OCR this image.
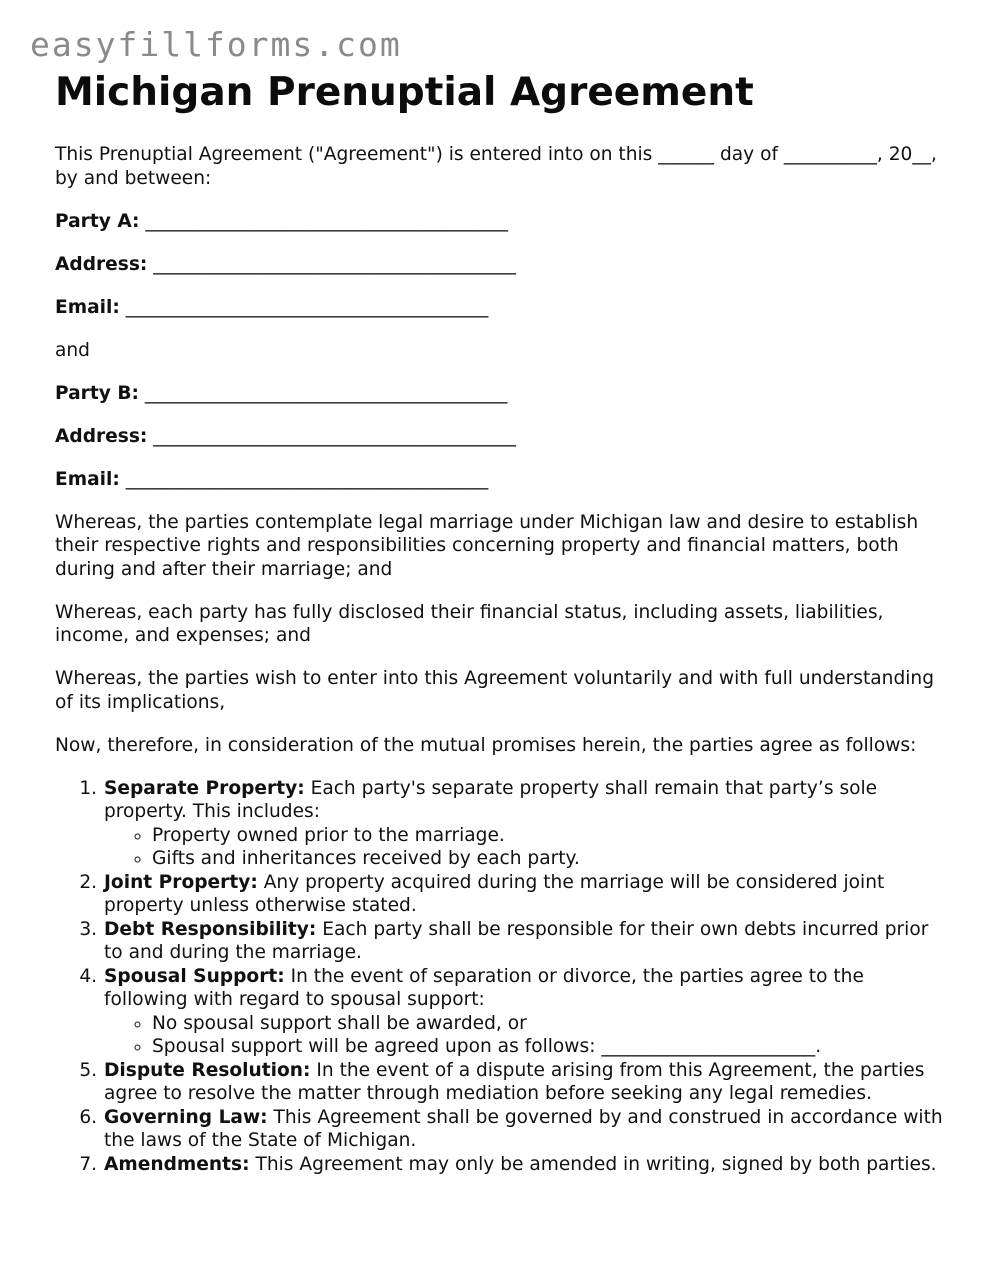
easyfillforms.com
Michigan Prenuptial Agreement

This Prenuptial Agreement ("Agreement") is entered into on this ______ day of __________, 20__, by and between:

Party A: _______________________________________

Address: _______________________________________

Email: _______________________________________

and

Party B: _______________________________________

Address: _______________________________________

Email: _______________________________________

Whereas, the parties contemplate legal marriage under Michigan law and desire to establish their respective rights and responsibilities concerning property and financial matters, both during and after their marriage; and

Whereas, each party has fully disclosed their financial status, including assets, liabilities, income, and expenses; and

Whereas, the parties wish to enter into this Agreement voluntarily and with full understanding of its implications,

Now, therefore, in consideration of the mutual promises herein, the parties agree as follows:

1. Separate Property: Each party's separate property shall remain that party’s sole property. This includes:
◦ Property owned prior to the marriage.
◦ Gifts and inheritances received by each party.
2. Joint Property: Any property acquired during the marriage will be considered joint property unless otherwise stated.
3. Debt Responsibility: Each party shall be responsible for their own debts incurred prior to and during the marriage.
4. Spousal Support: In the event of separation or divorce, the parties agree to the following with regard to spousal support:
◦ No spousal support shall be awarded, or
◦ Spousal support will be agreed upon as follows: _______________________.
5. Dispute Resolution: In the event of a dispute arising from this Agreement, the parties agree to resolve the matter through mediation before seeking any legal remedies.
6. Governing Law: This Agreement shall be governed by and construed in accordance with the laws of the State of Michigan.
7. Amendments: This Agreement may only be amended in writing, signed by both parties.
